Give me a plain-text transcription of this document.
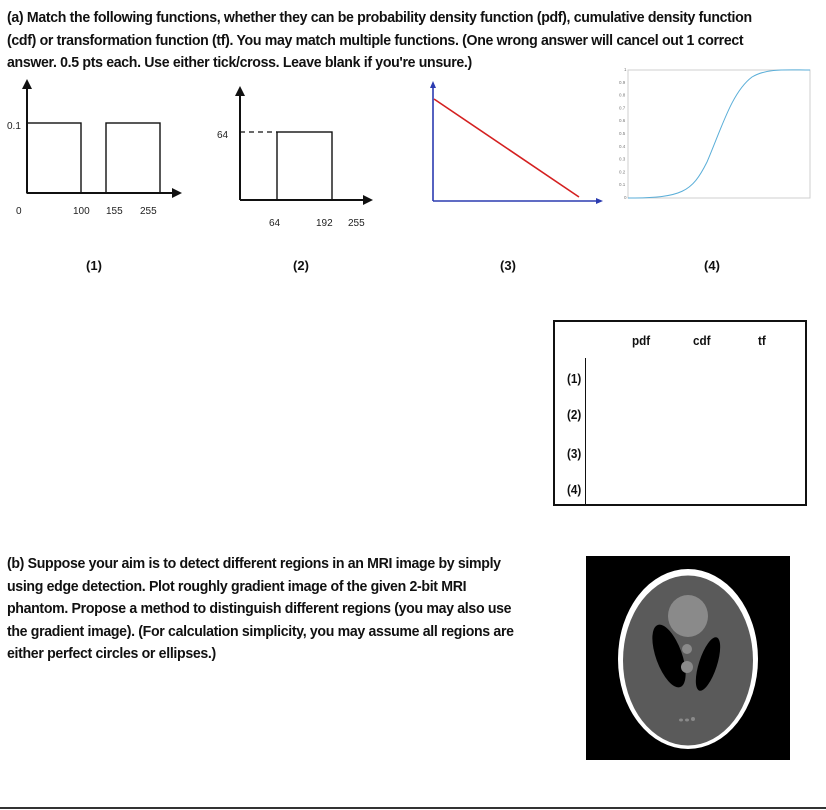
(a) Match the following functions, whether they can be probability density function (pdf), cumulative density function
(cdf) or transformation function (tf). You may match multiple functions. (One wrong answer will cancel out 1 correct
answer. 0.5 pts each. Use either tick/cross. Leave blank if you're unsure.)
0.1
0	100 155 255
(1)
64
64	192 255
(2)	(3)
1
0.9
0.8
0.7
0.6
0.5
0.4
0.3
0.2
0.1
0
(4)
pdf	cdf	tf
(1)
(2)
(3)
(4)
(b) Suppose your aim is to detect different regions in an MRI image by simply
using edge detection. Plot roughly gradient image of the given 2-bit MRI
phantom. Propose a method to distinguish different regions (you may also use
the gradient image). (For calculation simplicity, you may assume all regions are
either perfect circles or ellipses.)
